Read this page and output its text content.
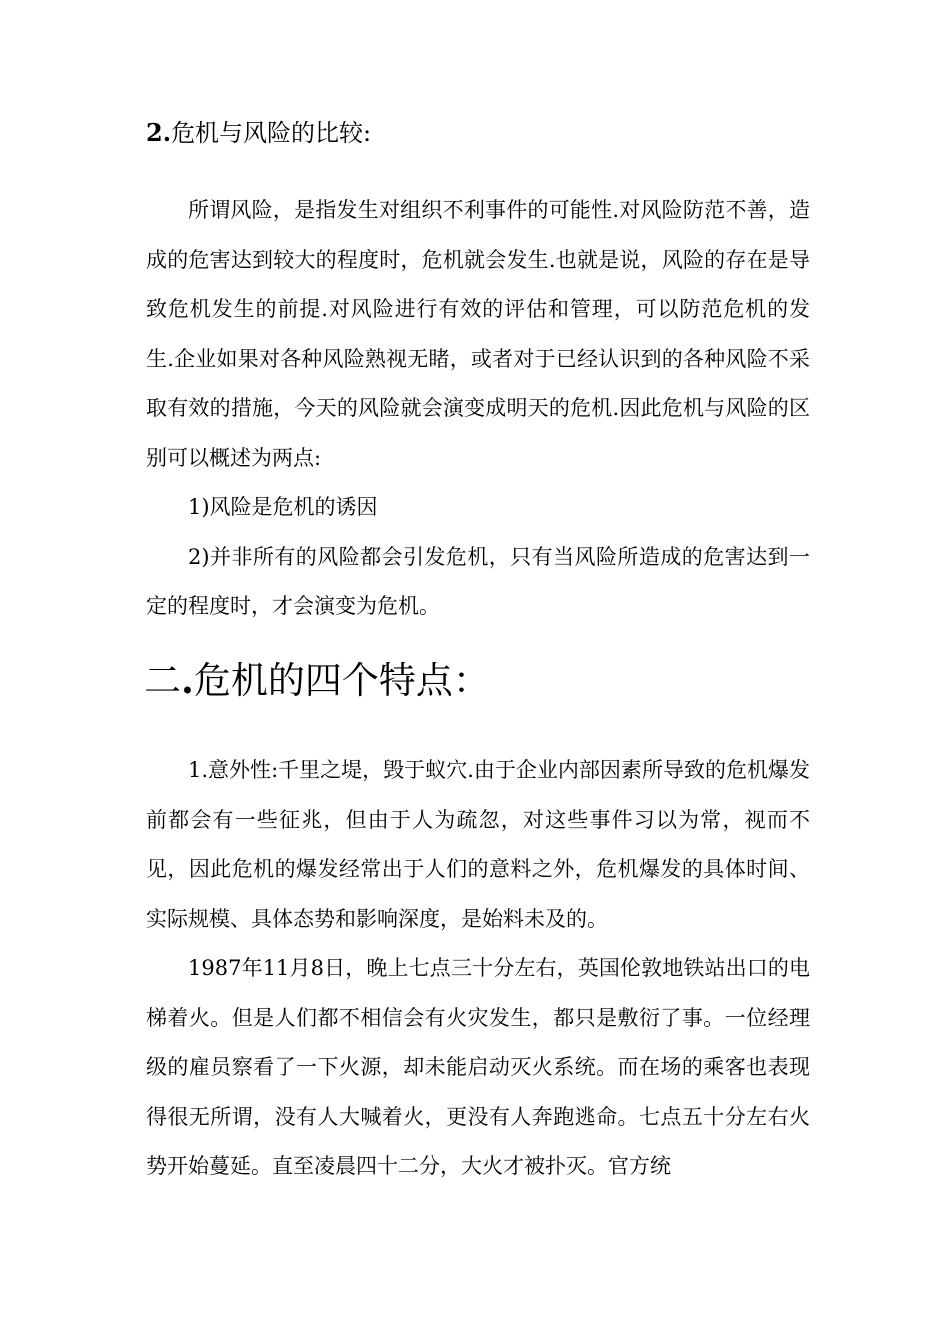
2.危机与风险的比较:

所谓风险，是指发生对组织不利事件的可能性.对风险防范不善，造成的危害达到较大的程度时，危机就会发生.也就是说，风险的存在是导致危机发生的前提.对风险进行有效的评估和管理，可以防范危机的发生.企业如果对各种风险熟视无睹，或者对于已经认识到的各种风险不采取有效的措施，今天的风险就会演变成明天的危机.因此危机与风险的区别可以概述为两点:

1)风险是危机的诱因

2)并非所有的风险都会引发危机，只有当风险所造成的危害达到一定的程度时，才会演变为危机。

二.危机的四个特点：

1.意外性:千里之堤，毁于蚁穴.由于企业内部因素所导致的危机爆发前都会有一些征兆，但由于人为疏忽，对这些事件习以为常，视而不见，因此危机的爆发经常出于人们的意料之外，危机爆发的具体时间、实际规模、具体态势和影响深度，是始料未及的。

1987年11月8日，晚上七点三十分左右，英国伦敦地铁站出口的电梯着火。但是人们都不相信会有火灾发生，都只是敷衍了事。一位经理级的雇员察看了一下火源，却未能启动灭火系统。而在场的乘客也表现得很无所谓，没有人大喊着火，更没有人奔跑逃命。七点五十分左右火势开始蔓延。直至凌晨四十二分，大火才被扑灭。官方统
